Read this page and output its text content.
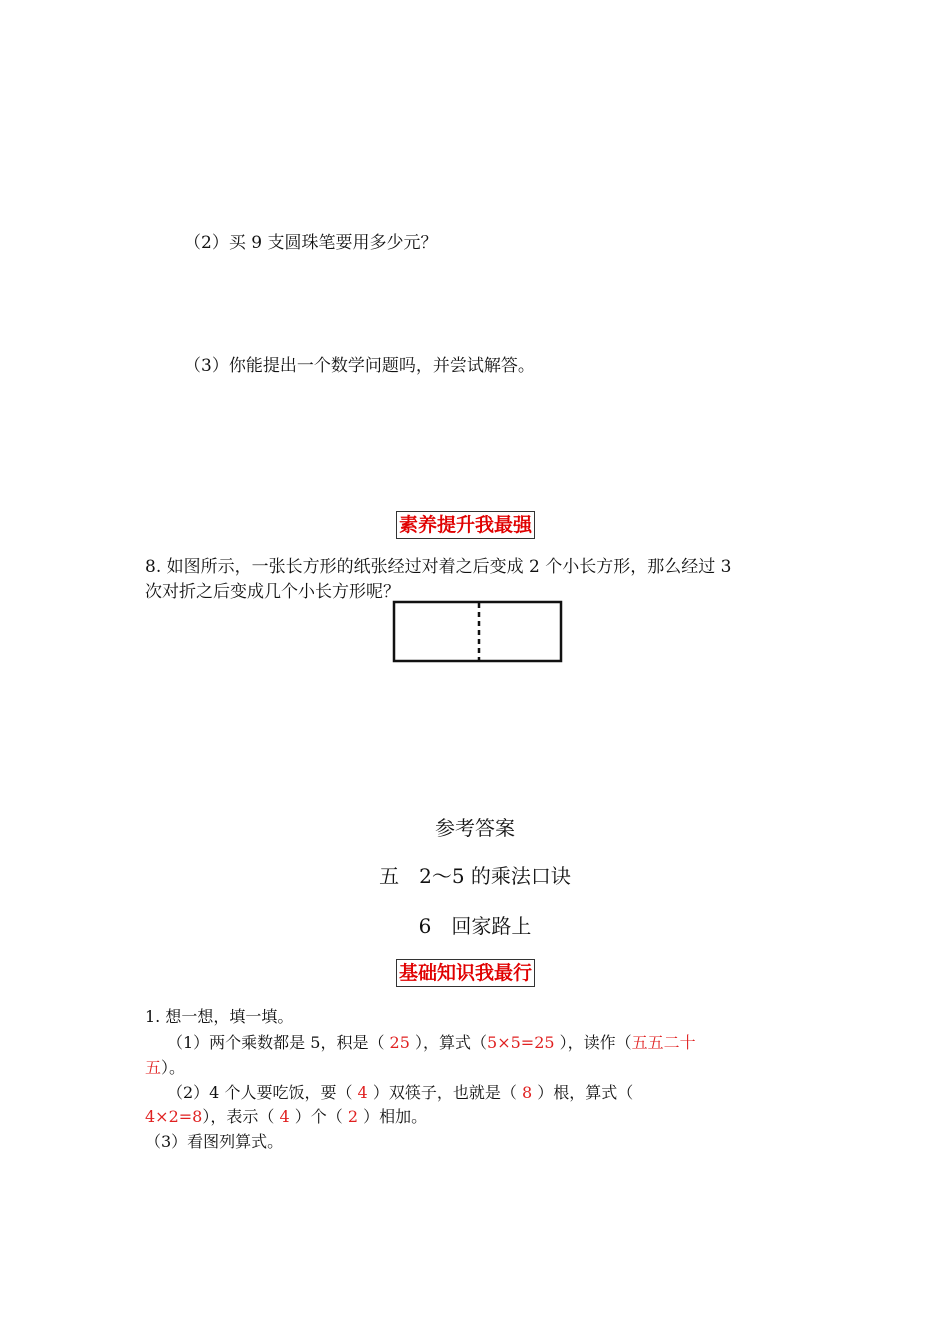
（2）买 9 支圆珠笔要用多少元？
（3）你能提出一个数学问题吗，并尝试解答。
素养提升我最强
8. 如图所示，一张长方形的纸张经过对着之后变成 2 个小长方形，那么经过 3
次对折之后变成几个小长方形呢？
参考答案
五　2～5 的乘法口诀
6　回家路上
基础知识我最行
1. 想一想，填一填。
（1）两个乘数都是 5，积是（ 25 ），算式（5×5=25 ），读作（五五二十
五）。
（2）4 个人要吃饭，要（ 4 ）双筷子，也就是（ 8 ）根，算式（
4×2=8），表示（ 4 ）个（ 2 ）相加。
（3）看图列算式。
